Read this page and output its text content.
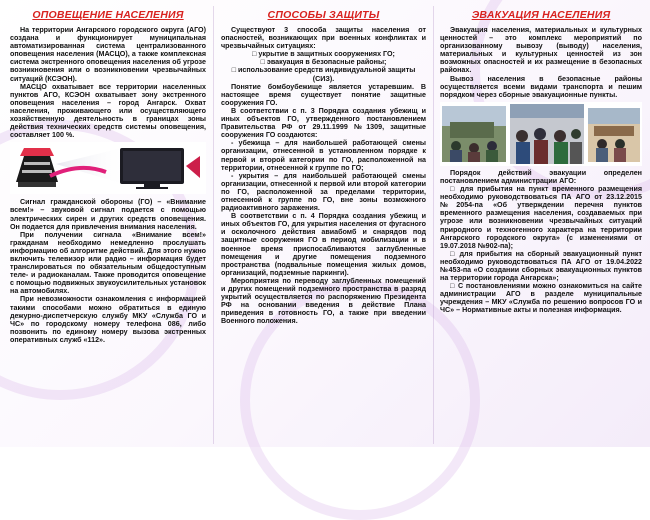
ОПОВЕЩЕНИЕ НАСЕЛЕНИЯ

На территории Ангарского городского округа (АГО) создана и функционирует муниципальная автоматизированная система централизованного оповещения населения (МАСЦО), а также комплексная система экстренного оповещения населения об угрозе возникновения или о возникновении чрезвычайных ситуаций (КСЭОН).

МАСЦО охватывает все территории населенных пунктов АГО, КСЭОН охватывает зону экстренного оповещения населения – город Ангарск. Охват населения, проживающего или осуществляющего хозяйственную деятельность в границах зоны действия технических средств системы оповещения, составляет 100 %.

Сигнал гражданской обороны (ГО) – «Внимание всем!» – звуковой сигнал подается с помощью электрических сирен и других средств оповещения. Он подается для привлечения внимания населения.

При получении сигнала «Внимание всем!» гражданам необходимо немедленно прослушать информацию об алгоритме действий. Для этого нужно включить телевизор или радио – информация будет транслироваться по обязательным общедоступным теле- и радиоканалам. Также проводится оповещение с помощью подвижных звукоусилительных установок на автомобилях.

При невозможности ознакомления с информацией такими способами можно обратиться в единую дежурно-диспетчерскую службу МКУ «Служба ГО и ЧС» по городскому номеру телефона 086, либо позвонить по единому номеру вызова экстренных оперативных служб «112».

СПОСОБЫ ЗАЩИТЫ

Существуют 3 способа защиты населения от опасностей, возникающих при военных конфликтах и чрезвычайных ситуациях:

□ укрытие в защитных сооружениях ГО;

□ эвакуация в безопасные районы;

□ использование средств индивидуальной защиты (СИЗ).

Понятие бомбоубежище является устаревшим. В настоящее время существует понятие защитные сооружения ГО.

В соответствии с п. 3 Порядка создания убежищ и иных объектов ГО, утвержденного постановлением Правительства РФ от 29.11.1999 №1309, защитные сооружения ГО создаются:

- убежища – для наибольшей работающей смены организации, отнесенной в установленном порядке к первой и второй категории по ГО, расположенной на территории, отнесенной к группе по ГО;

- укрытия – для наибольшей работающей смены организации, отнесенной к первой или второй категории по ГО, расположенной за пределами территории, отнесенной к группе по ГО, вне зоны возможного радиоактивного заражения.

В соответствии с п. 4 Порядка создания убежищ и иных объектов ГО, для укрытия населения от фугасного и осколочного действия авиабомб и снарядов под защитные сооружения ГО в период мобилизации и в военное время приспосабливаются заглубленные помещения и другие помещения подземного пространства (подвальные помещения жилых домов, организаций, подземные паркинги).

Мероприятия по переводу заглубленных помещений и других помещений подземного пространства в разряд укрытий осуществляется по распоряжению Президента РФ на основании введения в действие Плана приведения в готовность ГО, а также при введении Военного положения.

ЭВАКУАЦИЯ НАСЕЛЕНИЯ

Эвакуация населения, материальных и культурных ценностей – это комплекс мероприятий по организованному вывозу (выводу) населения, материальных и культурных ценностей из зон возможных опасностей и их размещение в безопасных районах.

Вывоз населения в безопасные районы осуществляется всеми видами транспорта и пешим порядком через сборные эвакуационные пункты.

Порядок действий эвакуации определен постановлением администрации АГО:

□ для прибытия на пункт временного размещения необходимо руководствоваться ПА АГО от 23.12.2015 №2054-па «Об утверждении перечня пунктов временного размещения населения, создаваемых при угрозе или возникновении чрезвычайных ситуаций природного и техногенного характера на территории Ангарского городского округа» (с изменениями от 19.07.2018 №902-па);

□ для прибытия на сборный эвакуационный пункт необходимо руководствоваться ПА АГО от 19.04.2022 №453-па «О создании сборных эвакуационных пунктов на территории города Ангарска»;

□ С постановлениями можно ознакомиться на сайте администрации АГО в разделе муниципальные учреждения – МКУ «Служба по решению вопросов ГО и ЧС» – Нормативные акты и полезная информация.
